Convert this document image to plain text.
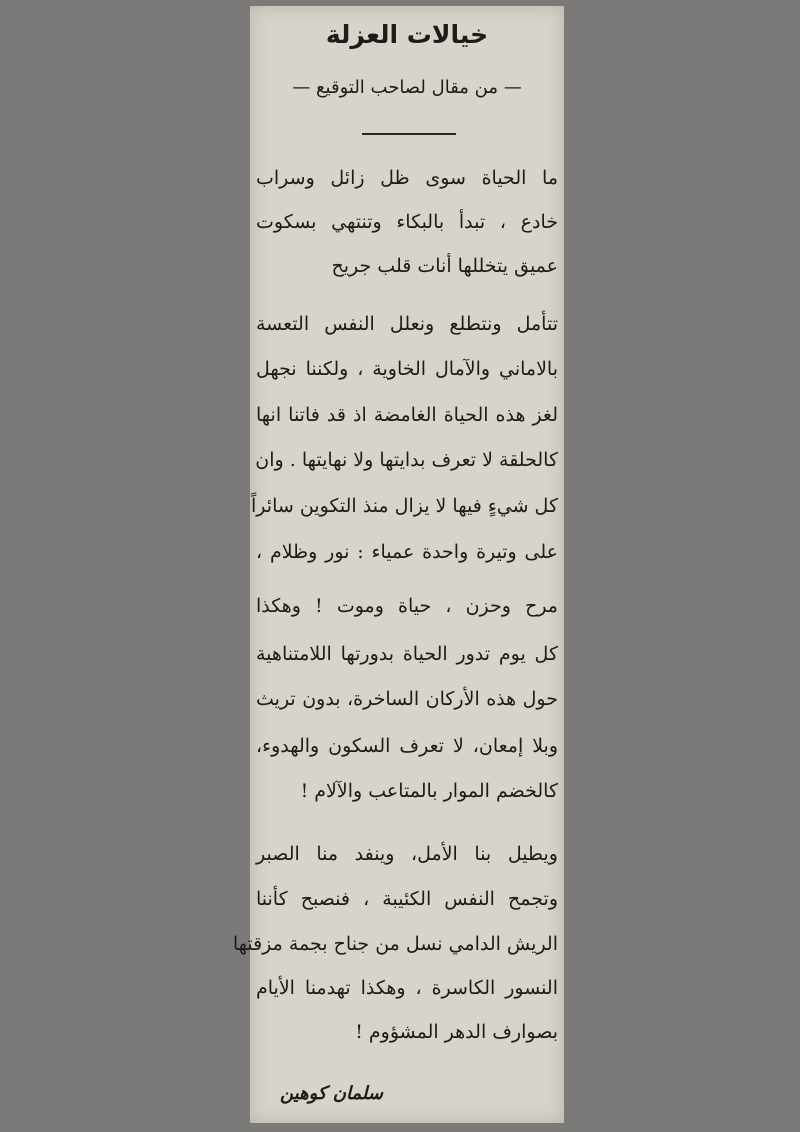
خيالات العزلة
— من مقال لصاحب التوقيع —
ما الحياة سوى ظل زائل وسراب
خادع ، تبدأ بالبكاء وتنتهي بسكوت
عميق يتخللها أنات قلب جريح
تتأمل ونتطلع ونعلل النفس التعسة
بالاماني والآمال الخاوية ، ولكننا نجهل
لغز هذه الحياة الغامضة اذ قد فاتنا انها
كالحلقة لا تعرف بدايتها ولا نهايتها . وان
كل شيءٍ فيها لا يزال منذ التكوين سائراً
على وتيرة واحدة عمياء : نور وظلام ،
مرح وحزن ، حياة وموت ! وهكذا
كل يوم تدور الحياة بدورتها اللامتناهية
حول هذه الأركان الساخرة، بدون تريث
وبلا إمعان، لا تعرف السكون والهدوء،
كالخضم الموار بالمتاعب والآلام !
ويطيل بنا الأمل، وينفد منا الصبر
وتجمح النفس الكئيبة ، فنصبح كأننا
الريش الدامي نسل من جناح بجمة مزقتها
النسور الكاسرة ، وهكذا تهدمنا الأيام
بصوارف الدهر المشؤوم !
سلمان كوهين
